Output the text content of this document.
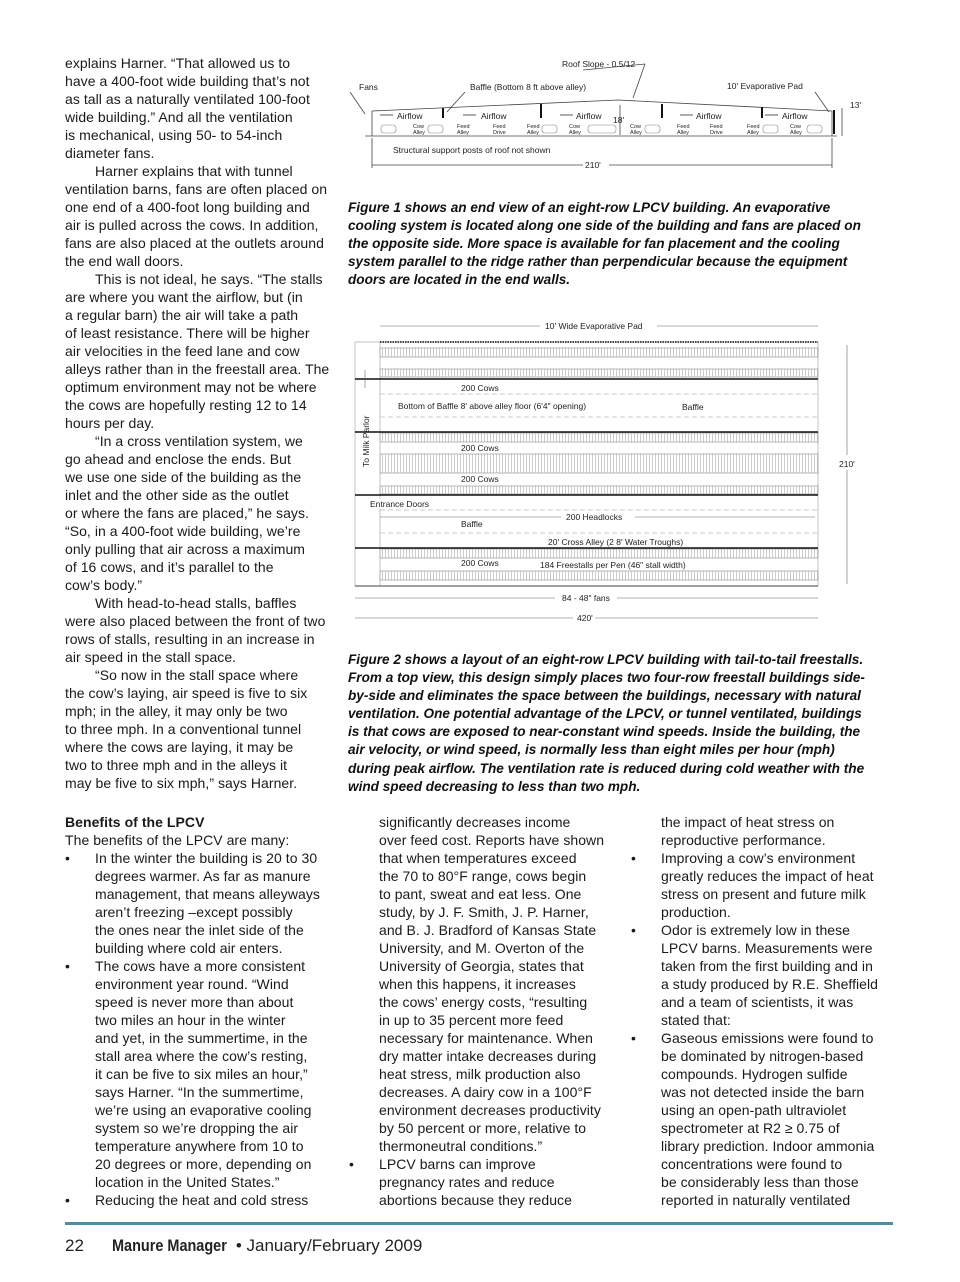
explains Harner. “That allowed us to
have a 400-foot wide building that’s not
as tall as a naturally ventilated 100-foot
wide building.” And all the ventilation
is mechanical, using 50- to 54-inch
diameter fans.
Harner explains that with tunnel
ventilation barns, fans are often placed on
one end of a 400-foot long building and
air is pulled across the cows. In addition,
fans are also placed at the outlets around
the end wall doors.
This is not ideal, he says. “The stalls
are where you want the airflow, but (in
a regular barn) the air will take a path
of least resistance. There will be higher
air velocities in the feed lane and cow
alleys rather than in the freestall area. The
optimum environment may not be where
the cows are hopefully resting 12 to 14
hours per day.
“In a cross ventilation system, we
go ahead and enclose the ends. But
we use one side of the building as the
inlet and the other side as the outlet
or where the fans are placed,” he says.
“So, in a 400-foot wide building, we’re
only pulling that air across a maximum
of 16 cows, and it’s parallel to the
cow’s body.”
With head-to-head stalls, baffles
were also placed between the front of two
rows of stalls, resulting in an increase in
air speed in the stall space.
“So now in the stall space where
the cow’s laying, air speed is five to six
mph; in the alley, it may only be two
to three mph. In a conventional tunnel
where the cows are laying, it may be
two to three mph and in the alleys it
may be five to six mph,” says Harner.
Roof Slope - 0.5/12
Fans	Baffle (Bottom 8 ft above alley)	10' Evaporative Pad
13'
18'
Airflow	Airflow	Airflow	Airflow	Airflow
Cow
Alley
Feed
Alley
Feed
Drive
Feed
Alley
Cow
Alley
Cow
Alley
Feed
Alley
Feed
Drive
Feed
Alley
Cow
Alley
Structural support posts of roof not shown
210'
Figure 1 shows an end view of an eight-row LPCV building. An evaporative
cooling system is located along one side of the building and fans are placed on
the opposite side. More space is available for fan placement and the cooling
system parallel to the ridge rather than perpendicular because the equipment
doors are located in the end walls.
10' Wide Evaporative Pad
200 Cows
Bottom of Baffle 8' above alley floor (6'4" opening)	Baffle
200 Cows
200 Cows
To Milk Parlor
Entrance Doors
Baffle
200 Headlocks
20' Cross Alley (2 8' Water Troughs)
200 Cows	184 Freestalls per Pen (46" stall width)
210'
84 - 48" fans
420'
Figure 2 shows a layout of an eight-row LPCV building with tail-to-tail freestalls.
From a top view, this design simply places two four-row freestall buildings side-
by-side and eliminates the space between the buildings, necessary with natural
ventilation. One potential advantage of the LPCV, or tunnel ventilated, buildings
is that cows are exposed to near-constant wind speeds. Inside the building, the
air velocity, or wind speed, is normally less than eight miles per hour (mph)
during peak airflow. The ventilation rate is reduced during cold weather with the
wind speed decreasing to less than two mph.
Benefits of the LPCV
The benefits of the LPCV are many:
• In the winter the building is 20 to 30
degrees warmer. As far as manure
management, that means alleyways
aren’t freezing –except possibly
the ones near the inlet side of the
building where cold air enters.
• The cows have a more consistent
environment year round. “Wind
speed is never more than about
two miles an hour in the winter
and yet, in the summertime, in the
stall area where the cow’s resting,
it can be five to six miles an hour,”
says Harner. “In the summertime,
we’re using an evaporative cooling
system so we’re dropping the air
temperature anywhere from 10 to
20 degrees or more, depending on
location in the United States.”
• Reducing the heat and cold stress
significantly decreases income
over feed cost. Reports have shown
that when temperatures exceed
the 70 to 80°F range, cows begin
to pant, sweat and eat less. One
study, by J. F. Smith, J. P. Harner,
and B. J. Bradford of Kansas State
University, and M. Overton of the
University of Georgia, states that
when this happens, it increases
the cows’ energy costs, “resulting
in up to 35 percent more feed
necessary for maintenance. When
dry matter intake decreases during
heat stress, milk production also
decreases. A dairy cow in a 100°F
environment decreases productivity
by 50 percent or more, relative to
thermoneutral conditions.”
• LPCV barns can improve
pregnancy rates and reduce
abortions because they reduce
the impact of heat stress on
reproductive performance.
• Improving a cow’s environment
greatly reduces the impact of heat
stress on present and future milk
production.
• Odor is extremely low in these
LPCV barns. Measurements were
taken from the first building and in
a study produced by R.E. Sheffield
and a team of scientists, it was
stated that:
• Gaseous emissions were found to
be dominated by nitrogen-based
compounds. Hydrogen sulfide
was not detected inside the barn
using an open-path ultraviolet
spectrometer at R2 ≥ 0.75 of
library prediction. Indoor ammonia
concentrations were found to
be considerably less than those
reported in naturally ventilated
22 Manure Manager • January/February 2009
